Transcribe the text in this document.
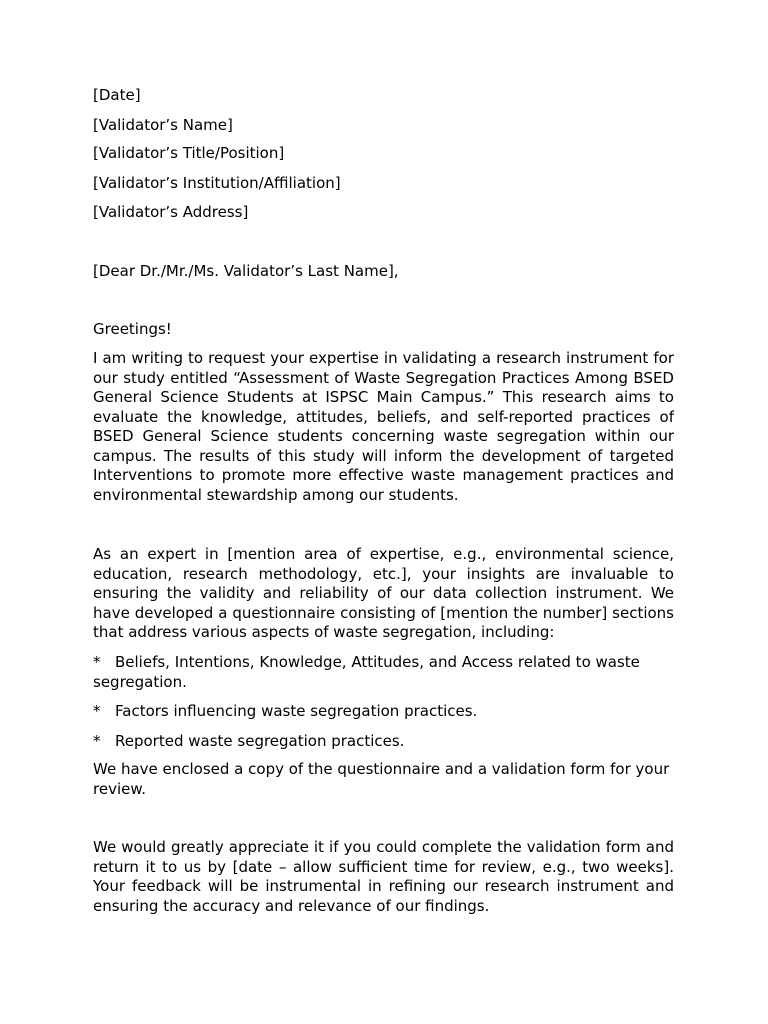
[Date]

[Validator’s Name]

[Validator’s Title/Position]

[Validator’s Institution/Affiliation]

[Validator’s Address]

[Dear Dr./Mr./Ms. Validator’s Last Name],

Greetings!

I am writing to request your expertise in validating a research instrument for our study entitled “Assessment of Waste Segregation Practices Among BSED General Science Students at ISPSC Main Campus.” This research aims to evaluate the knowledge, attitudes, beliefs, and self-reported practices of BSED General Science students concerning waste segregation within our campus. The results of this study will inform the development of targeted Interventions to promote more effective waste management practices and environmental stewardship among our students.

As an expert in [mention area of expertise, e.g., environmental science, education, research methodology, etc.], your insights are invaluable to ensuring the validity and reliability of our data collection instrument. We have developed a questionnaire consisting of [mention the number] sections that address various aspects of waste segregation, including:

* Beliefs, Intentions, Knowledge, Attitudes, and Access related to waste segregation.

* Factors influencing waste segregation practices.

* Reported waste segregation practices.

We have enclosed a copy of the questionnaire and a validation form for your review.

We would greatly appreciate it if you could complete the validation form and return it to us by [date – allow sufficient time for review, e.g., two weeks]. Your feedback will be instrumental in refining our research instrument and ensuring the accuracy and relevance of our findings.
